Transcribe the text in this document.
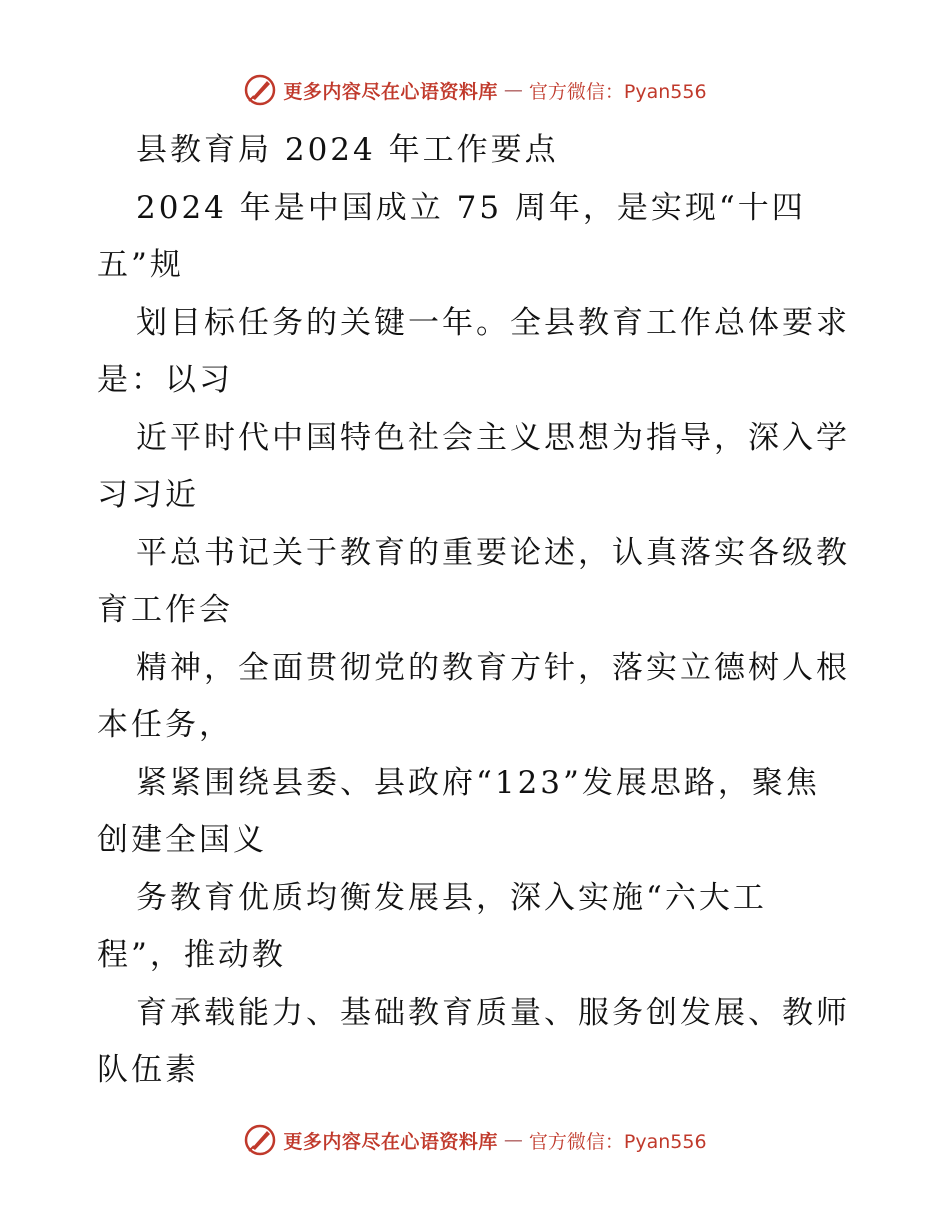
更多内容尽在心语资料库 — 官方微信：Pyan556
县教育局 2024 年工作要点
2024 年是中国成立 75 周年，是实现“十四
五”规
划目标任务的关键一年。全县教育工作总体要求
是：以习
近平时代中国特色社会主义思想为指导，深入学
习习近
平总书记关于教育的重要论述，认真落实各级教
育工作会
精神，全面贯彻党的教育方针，落实立德树人根
本任务，
紧紧围绕县委、县政府“123”发展思路，聚焦
创建全国义
务教育优质均衡发展县，深入实施“六大工
程”，推动教
育承载能力、基础教育质量、服务创发展、教师
队伍素
更多内容尽在心语资料库 — 官方微信：Pyan556
